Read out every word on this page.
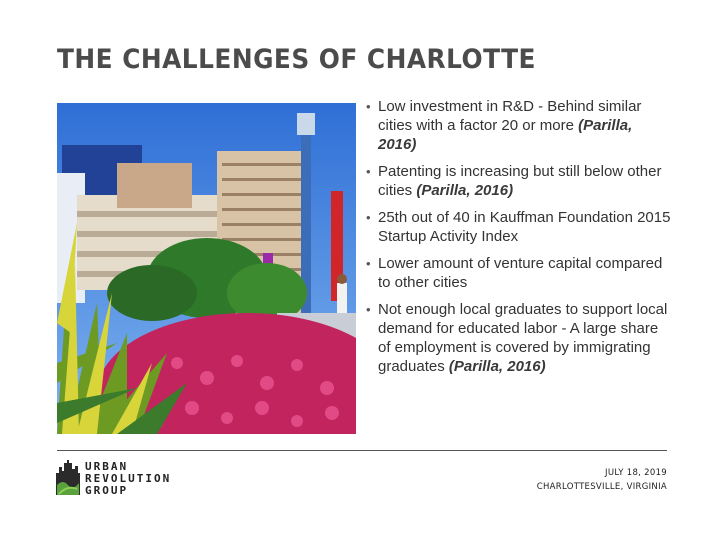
THE CHALLENGES OF CHARLOTTE
• Low investment in R&D - Behind similar cities with a factor 20 or more (Parilla, 2016)
• Patenting is increasing but still below other cities (Parilla, 2016)
• 25th out of 40 in Kauffman Foundation 2015 Startup Activity Index
• Lower amount of venture capital compared to other cities
• Not enough local graduates to support local demand for educated labor - A large share of employment is covered by immigrating graduates (Parilla, 2016)
URBAN
REVOLUTION
GROUP
JULY 18, 2019
CHARLOTTESVILLE, VIRGINIA
